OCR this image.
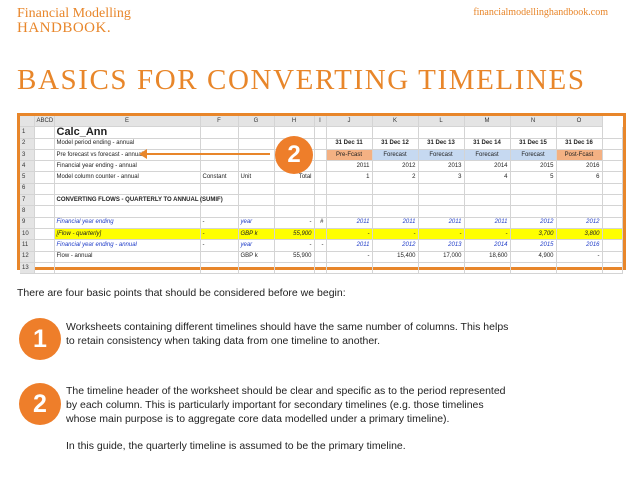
Financial Modelling
HANDBOOK.
financialmodellinghandbook.com
BASICS FOR CONVERTING TIMELINES
	ABCD	E	F	G	H	I	J	K	L	M	N	O	
1		Calc_Ann											
2		Model period ending - annual					31 Dec 11	31 Dec 12	31 Dec 13	31 Dec 14	31 Dec 15	31 Dec 16	
3		Pre forecast vs forecast - annual					Pre-Fcast	Forecast	Forecast	Forecast	Forecast	Post-Fcast	
4		Financial year ending - annual					2011	2012	2013	2014	2015	2016	
5		Model column counter - annual	Constant	Unit	Total		1	2	3	4	5	6	
6													
7		CONVERTING FLOWS - QUARTERLY TO ANNUAL (SUMIF)											
8													
9		Financial year ending	-	year	-	#	2011	2011	2011	2011	2012	2012	
10		[Flow - quarterly]	-	GBP k	55,900		-	-	-	-	3,700	3,800	
11		Financial year ending - annual	-	year	-	-	2011	2012	2013	2014	2015	2016	
12		Flow - annual		GBP k	55,900		-	15,400	17,000	18,600	4,900	-	
13													
2
There are four basic points that should be considered before we begin:
1	Worksheets containing different timelines should have the same number of columns. This helps
to retain consistency when taking data from one timeline to another.
2	The timeline header of the worksheet should be clear and specific as to the period represented
by each column. This is particularly important for secondary timelines (e.g. those timelines
whose main purpose is to aggregate core data modelled under a primary timeline).
In this guide, the quarterly timeline is assumed to be the primary timeline.
